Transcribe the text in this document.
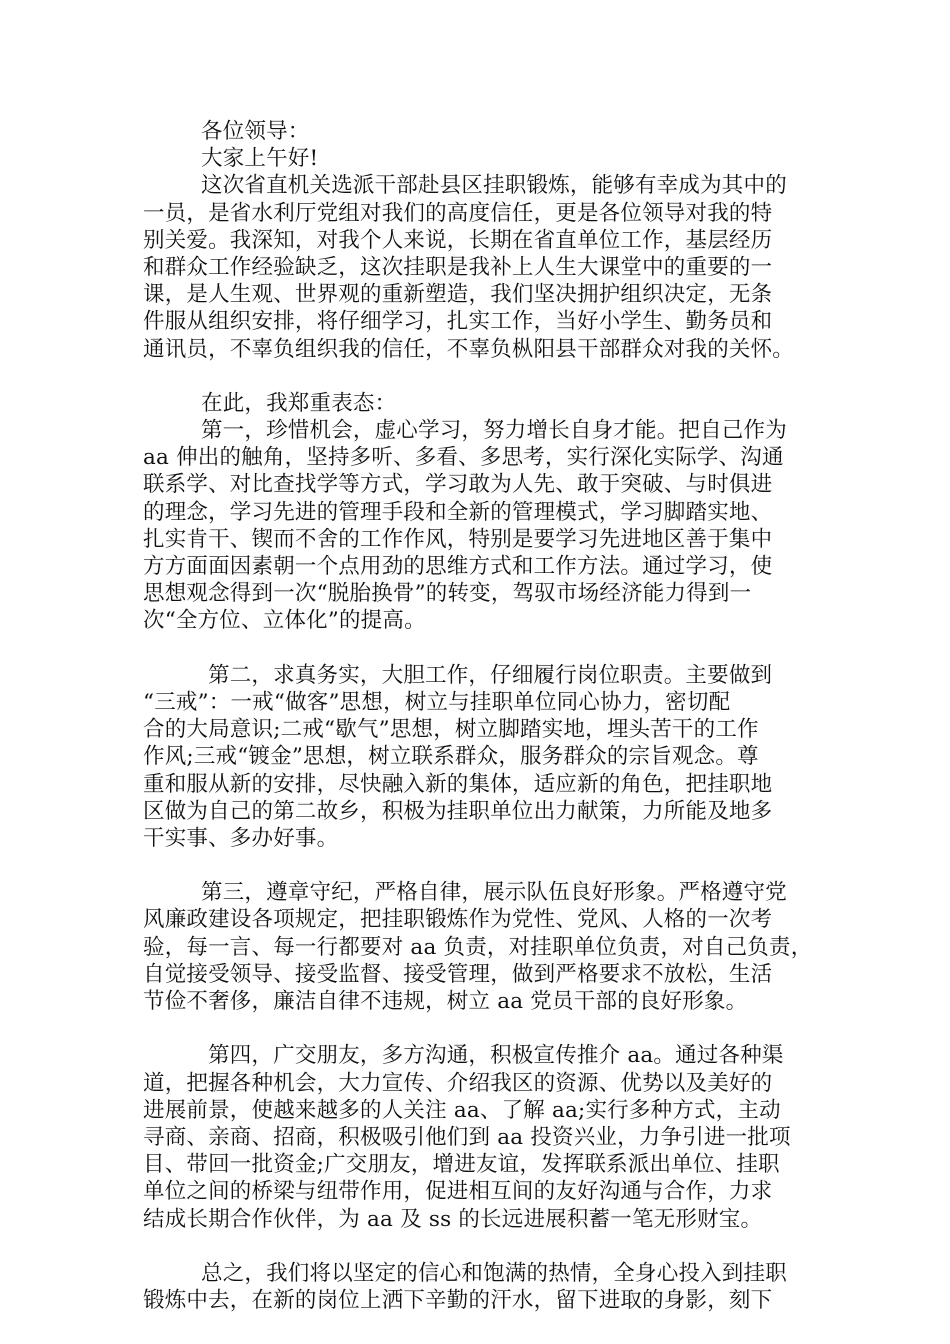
各位领导：
大家上午好!
这次省直机关选派干部赴县区挂职锻炼，能够有幸成为其中的
一员，是省水利厅党组对我们的高度信任，更是各位领导对我的特
别关爱。我深知，对我个人来说，长期在省直单位工作，基层经历
和群众工作经验缺乏，这次挂职是我补上人生大课堂中的重要的一
课，是人生观、世界观的重新塑造，我们坚决拥护组织决定，无条
件服从组织安排，将仔细学习，扎实工作，当好小学生、勤务员和
通讯员，不辜负组织我的信任，不辜负枞阳县干部群众对我的关怀。
在此，我郑重表态：
第一，珍惜机会，虚心学习，努力增长自身才能。把自己作为
aa 伸出的触角，坚持多听、多看、多思考，实行深化实际学、沟通
联系学、对比查找学等方式，学习敢为人先、敢于突破、与时俱进
的理念，学习先进的管理手段和全新的管理模式，学习脚踏实地、
扎实肯干、锲而不舍的工作作风，特别是要学习先进地区善于集中
方方面面因素朝一个点用劲的思维方式和工作方法。通过学习，使
思想观念得到一次“脱胎换骨”的转变，驾驭市场经济能力得到一
次“全方位、立体化”的提高。
第二，求真务实，大胆工作，仔细履行岗位职责。主要做到
“三戒”：一戒“做客”思想，树立与挂职单位同心协力，密切配
合的大局意识;二戒“歇气”思想，树立脚踏实地，埋头苦干的工作
作风;三戒“镀金”思想，树立联系群众，服务群众的宗旨观念。尊
重和服从新的安排，尽快融入新的集体，适应新的角色，把挂职地
区做为自己的第二故乡，积极为挂职单位出力献策，力所能及地多
干实事、多办好事。
第三，遵章守纪，严格自律，展示队伍良好形象。严格遵守党
风廉政建设各项规定，把挂职锻炼作为党性、党风、人格的一次考
验，每一言、每一行都要对 aa 负责，对挂职单位负责，对自己负责，
自觉接受领导、接受监督、接受管理，做到严格要求不放松，生活
节俭不奢侈，廉洁自律不违规，树立 aa 党员干部的良好形象。
第四，广交朋友，多方沟通，积极宣传推介 aa。通过各种渠
道，把握各种机会，大力宣传、介绍我区的资源、优势以及美好的
进展前景，使越来越多的人关注 aa、了解 aa;实行多种方式，主动
寻商、亲商、招商，积极吸引他们到 aa 投资兴业，力争引进一批项
目、带回一批资金;广交朋友，增进友谊，发挥联系派出单位、挂职
单位之间的桥梁与纽带作用，促进相互间的友好沟通与合作，力求
结成长期合作伙伴，为 aa 及 ss 的长远进展积蓄一笔无形财宝。
总之，我们将以坚定的信心和饱满的热情，全身心投入到挂职
锻炼中去，在新的岗位上洒下辛勤的汗水，留下进取的身影，刻下
